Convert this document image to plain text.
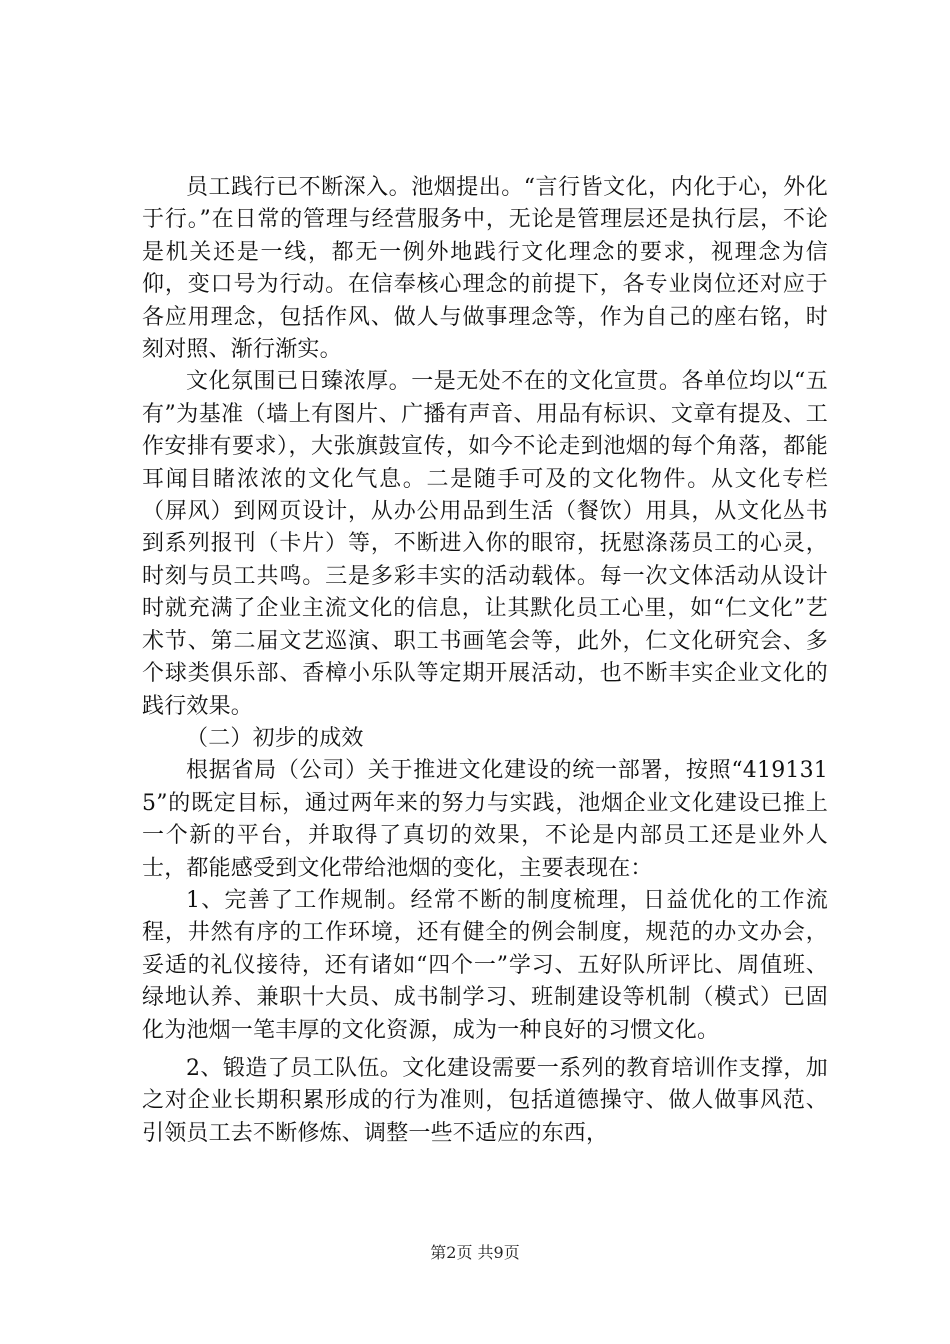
员工践行已不断深入。池烟提出。“言行皆文化，内化于心，外化于行。”在日常的管理与经营服务中，无论是管理层还是执行层，不论是机关还是一线，都无一例外地践行文化理念的要求，视理念为信仰，变口号为行动。在信奉核心理念的前提下，各专业岗位还对应于各应用理念，包括作风、做人与做事理念等，作为自己的座右铭，时刻对照、渐行渐实。

文化氛围已日臻浓厚。一是无处不在的文化宣贯。各单位均以“五有”为基准（墙上有图片、广播有声音、用品有标识、文章有提及、工作安排有要求），大张旗鼓宣传，如今不论走到池烟的每个角落，都能耳闻目睹浓浓的文化气息。二是随手可及的文化物件。从文化专栏（屏风）到网页设计，从办公用品到生活（餐饮）用具，从文化丛书到系列报刊（卡片）等，不断进入你的眼帘，抚慰涤荡员工的心灵，时刻与员工共鸣。三是多彩丰实的活动载体。每一次文体活动从设计时就充满了企业主流文化的信息，让其默化员工心里，如“仁文化”艺术节、第二届文艺巡演、职工书画笔会等，此外，仁文化研究会、多个球类俱乐部、香樟小乐队等定期开展活动，也不断丰实企业文化的践行效果。

（二）初步的成效

根据省局（公司）关于推进文化建设的统一部署，按照“4191315”的既定目标，通过两年来的努力与实践，池烟企业文化建设已推上一个新的平台，并取得了真切的效果，不论是内部员工还是业外人士，都能感受到文化带给池烟的变化，主要表现在：

1、完善了工作规制。经常不断的制度梳理，日益优化的工作流程，井然有序的工作环境，还有健全的例会制度，规范的办文办会，妥适的礼仪接待，还有诸如“四个一”学习、五好队所评比、周值班、绿地认养、兼职十大员、成书制学习、班制建设等机制（模式）已固化为池烟一笔丰厚的文化资源，成为一种良好的习惯文化。

2、锻造了员工队伍。文化建设需要一系列的教育培训作支撑，加之对企业长期积累形成的行为准则，包括道德操守、做人做事风范、引领员工去不断修炼、调整一些不适应的东西，

第2页 共9页
